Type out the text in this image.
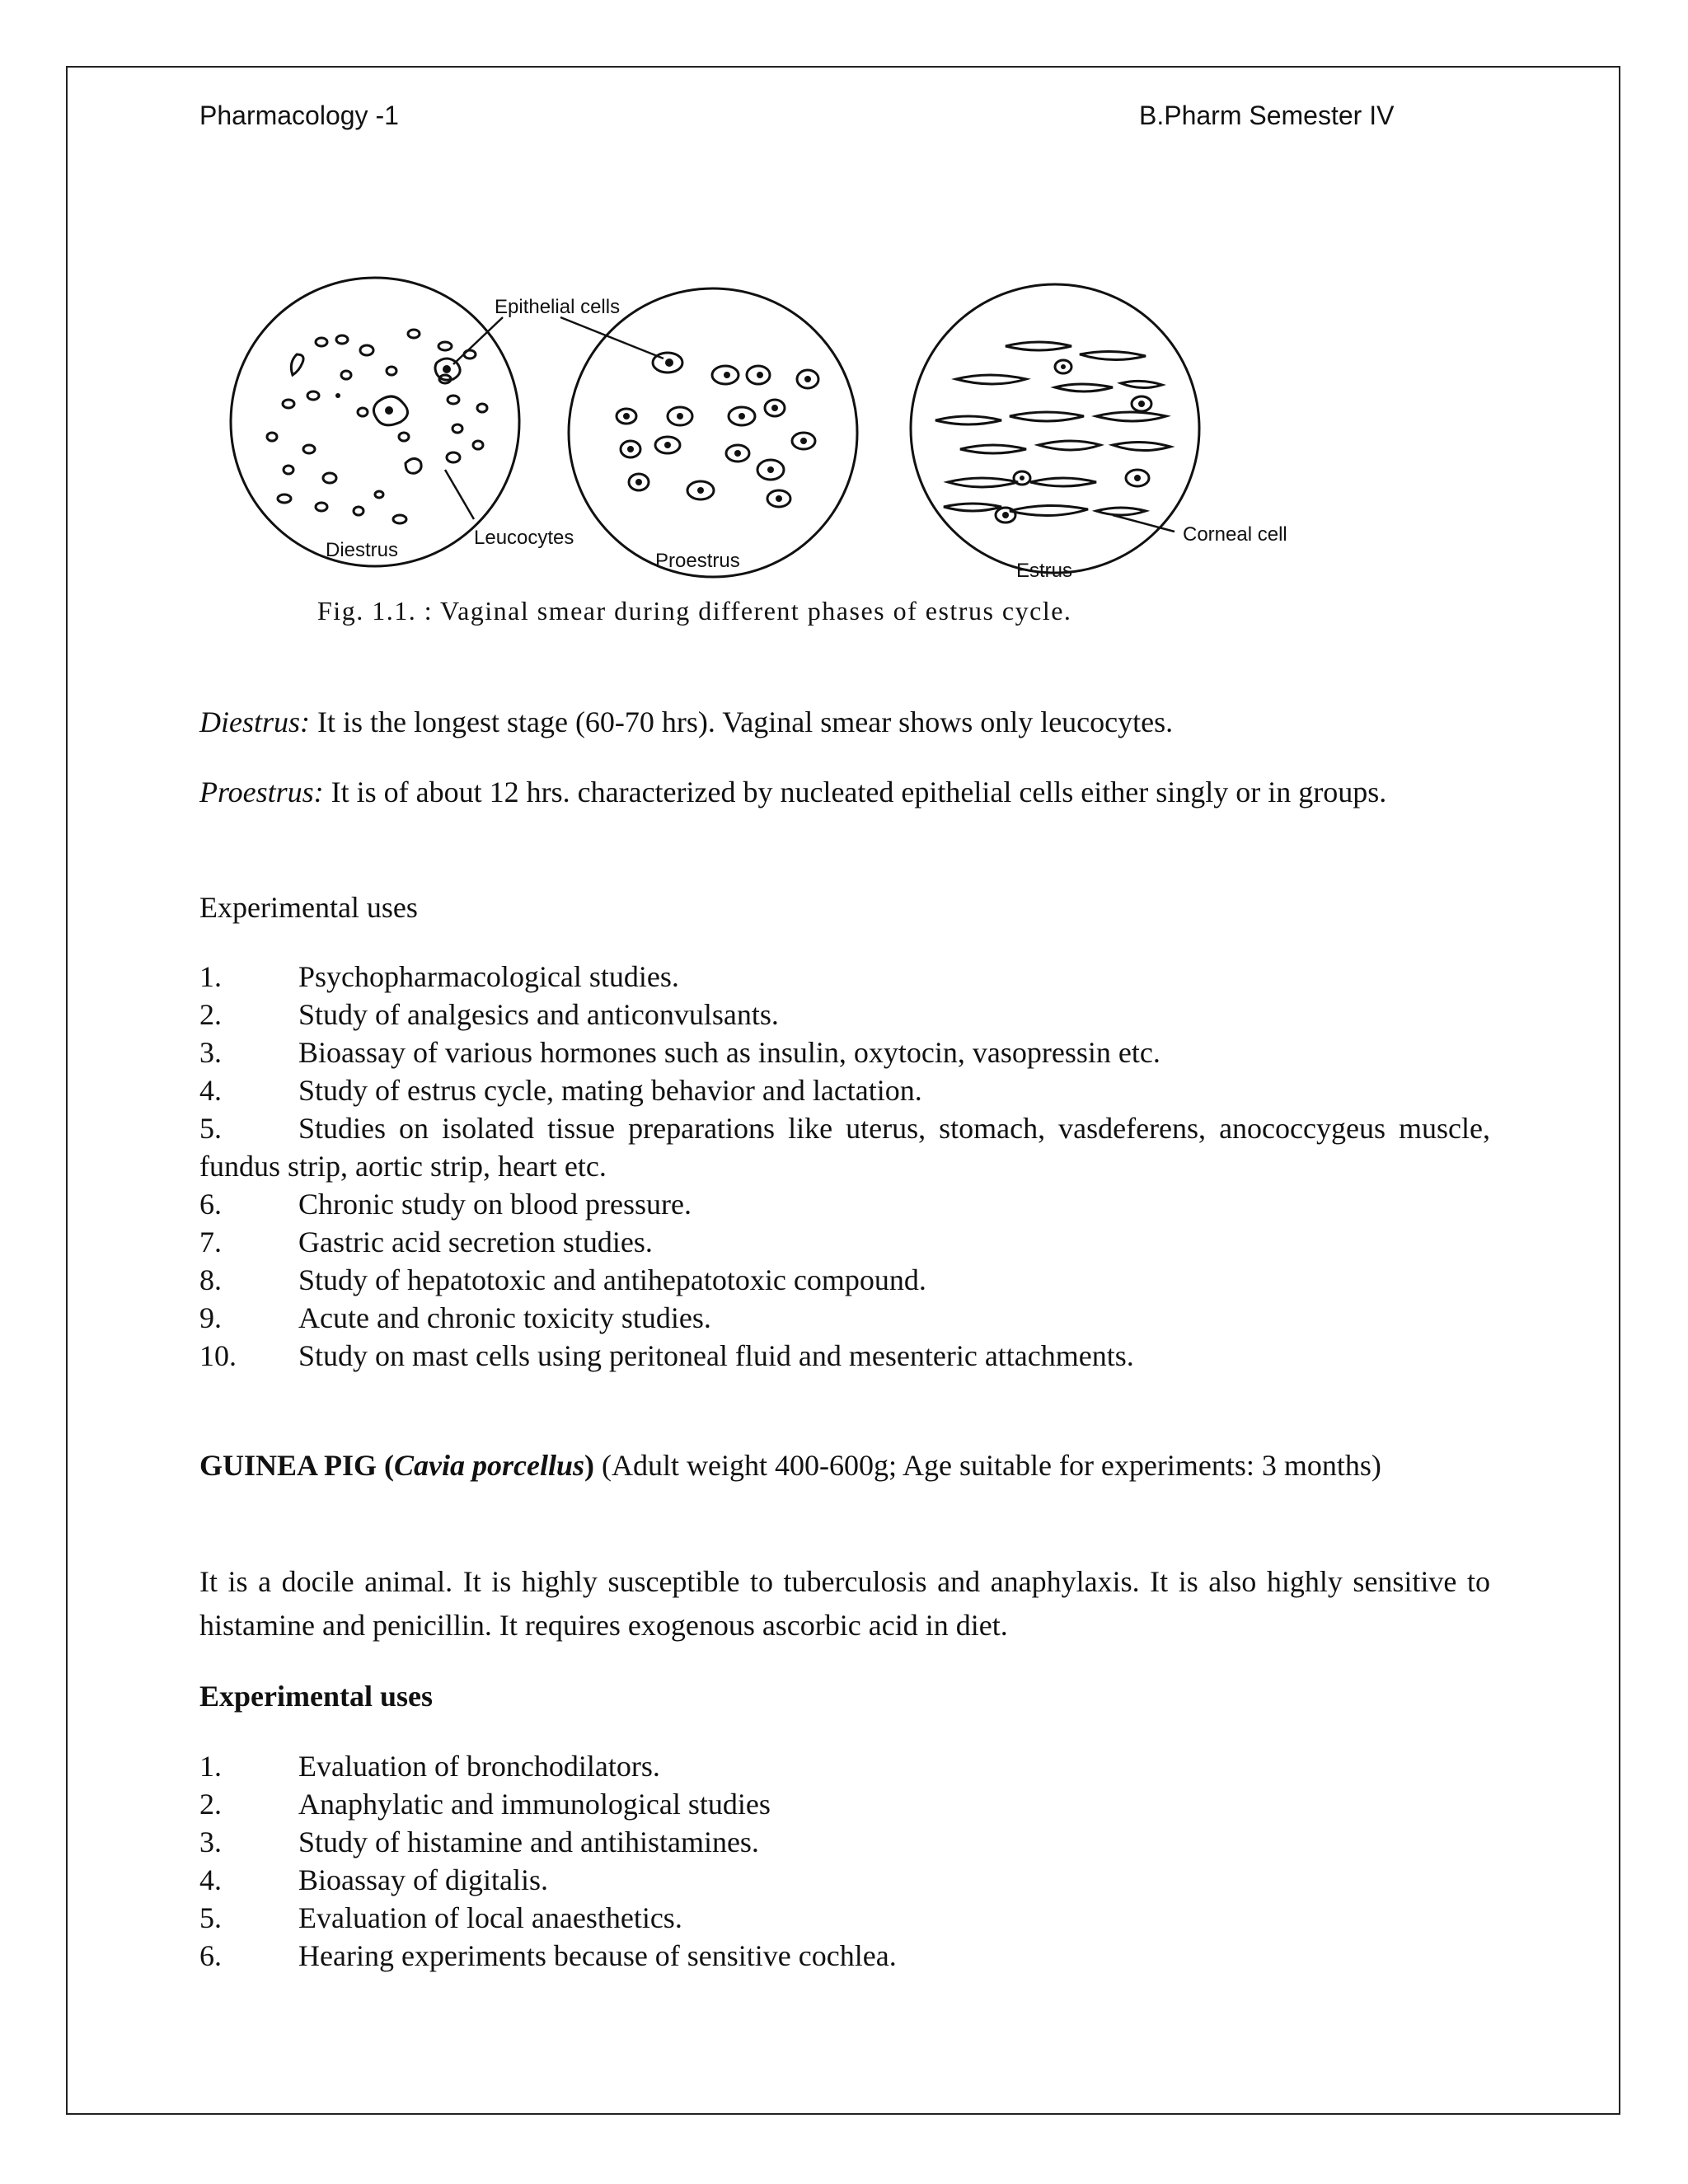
Pharmacology -1	B.Pharm Semester IV
Epithelial cells
Leucocytes	Corneal cell
Diestrus	Proestrus	Estrus
Fig. 1.1. : Vaginal smear during different phases of estrus cycle.

Diestrus: It is the longest stage (60-70 hrs). Vaginal smear shows only leucocytes.

Proestrus: It is of about 12 hrs. characterized by nucleated epithelial cells either singly or in groups.

Experimental uses

1.	Psychopharmacological studies.
2.	Study of analgesics and anticonvulsants.
3.	Bioassay of various hormones such as insulin, oxytocin, vasopressin etc.
4.	Study of estrus cycle, mating behavior and lactation.
5.	Studies on isolated tissue preparations like uterus, stomach, vasdeferens, anococcygeus muscle, fundus strip, aortic strip, heart etc.
6.	Chronic study on blood pressure.
7.	Gastric acid secretion studies.
8.	Study of hepatotoxic and antihepatotoxic compound.
9.	Acute and chronic toxicity studies.
10. Study on mast cells using peritoneal fluid and mesenteric attachments.

GUINEA PIG (Cavia porcellus) (Adult weight 400-600g; Age suitable for experiments: 3 months)

It is a docile animal. It is highly susceptible to tuberculosis and anaphylaxis. It is also highly sensitive to histamine and penicillin. It requires exogenous ascorbic acid in diet.

Experimental uses

1.	Evaluation of bronchodilators.
2.	Anaphylatic and immunological studies
3.	Study of histamine and antihistamines.
4.	Bioassay of digitalis.
5.	Evaluation of local anaesthetics.
6.	Hearing experiments because of sensitive cochlea.
